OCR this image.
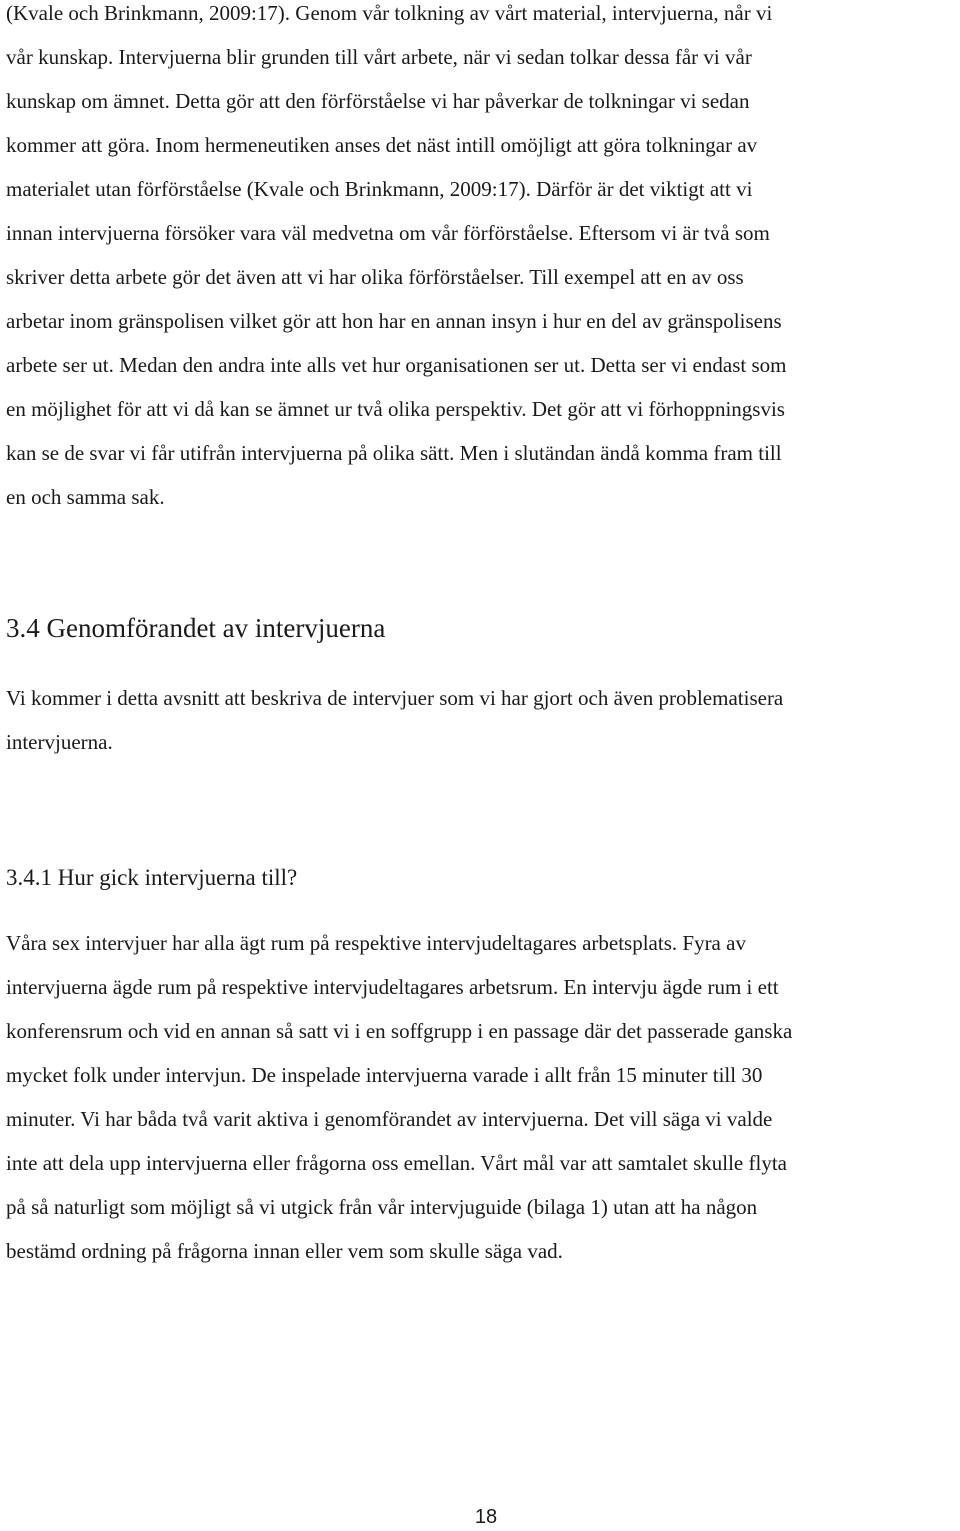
(Kvale och Brinkmann, 2009:17). Genom vår tolkning av vårt material, intervjuerna, når vi
vår kunskap. Intervjuerna blir grunden till vårt arbete, när vi sedan tolkar dessa får vi vår
kunskap om ämnet. Detta gör att den förförståelse vi har påverkar de tolkningar vi sedan
kommer att göra. Inom hermeneutiken anses det näst intill omöjligt att göra tolkningar av
materialet utan förförståelse (Kvale och Brinkmann, 2009:17). Därför är det viktigt att vi
innan intervjuerna försöker vara väl medvetna om vår förförståelse. Eftersom vi är två som
skriver detta arbete gör det även att vi har olika förförståelser. Till exempel att en av oss
arbetar inom gränspolisen vilket gör att hon har en annan insyn i hur en del av gränspolisens
arbete ser ut. Medan den andra inte alls vet hur organisationen ser ut. Detta ser vi endast som
en möjlighet för att vi då kan se ämnet ur två olika perspektiv. Det gör att vi förhoppningsvis
kan se de svar vi får utifrån intervjuerna på olika sätt. Men i slutändan ändå komma fram till
en och samma sak.

3.4 Genomförandet av intervjuerna

Vi kommer i detta avsnitt att beskriva de intervjuer som vi har gjort och även problematisera
intervjuerna.

3.4.1 Hur gick intervjuerna till?

Våra sex intervjuer har alla ägt rum på respektive intervjudeltagares arbetsplats. Fyra av
intervjuerna ägde rum på respektive intervjudeltagares arbetsrum. En intervju ägde rum i ett
konferensrum och vid en annan så satt vi i en soffgrupp i en passage där det passerade ganska
mycket folk under intervjun. De inspelade intervjuerna varade i allt från 15 minuter till 30
minuter. Vi har båda två varit aktiva i genomförandet av intervjuerna. Det vill säga vi valde
inte att dela upp intervjuerna eller frågorna oss emellan. Vårt mål var att samtalet skulle flyta
på så naturligt som möjligt så vi utgick från vår intervjuguide (bilaga 1) utan att ha någon
bestämd ordning på frågorna innan eller vem som skulle säga vad.

18
